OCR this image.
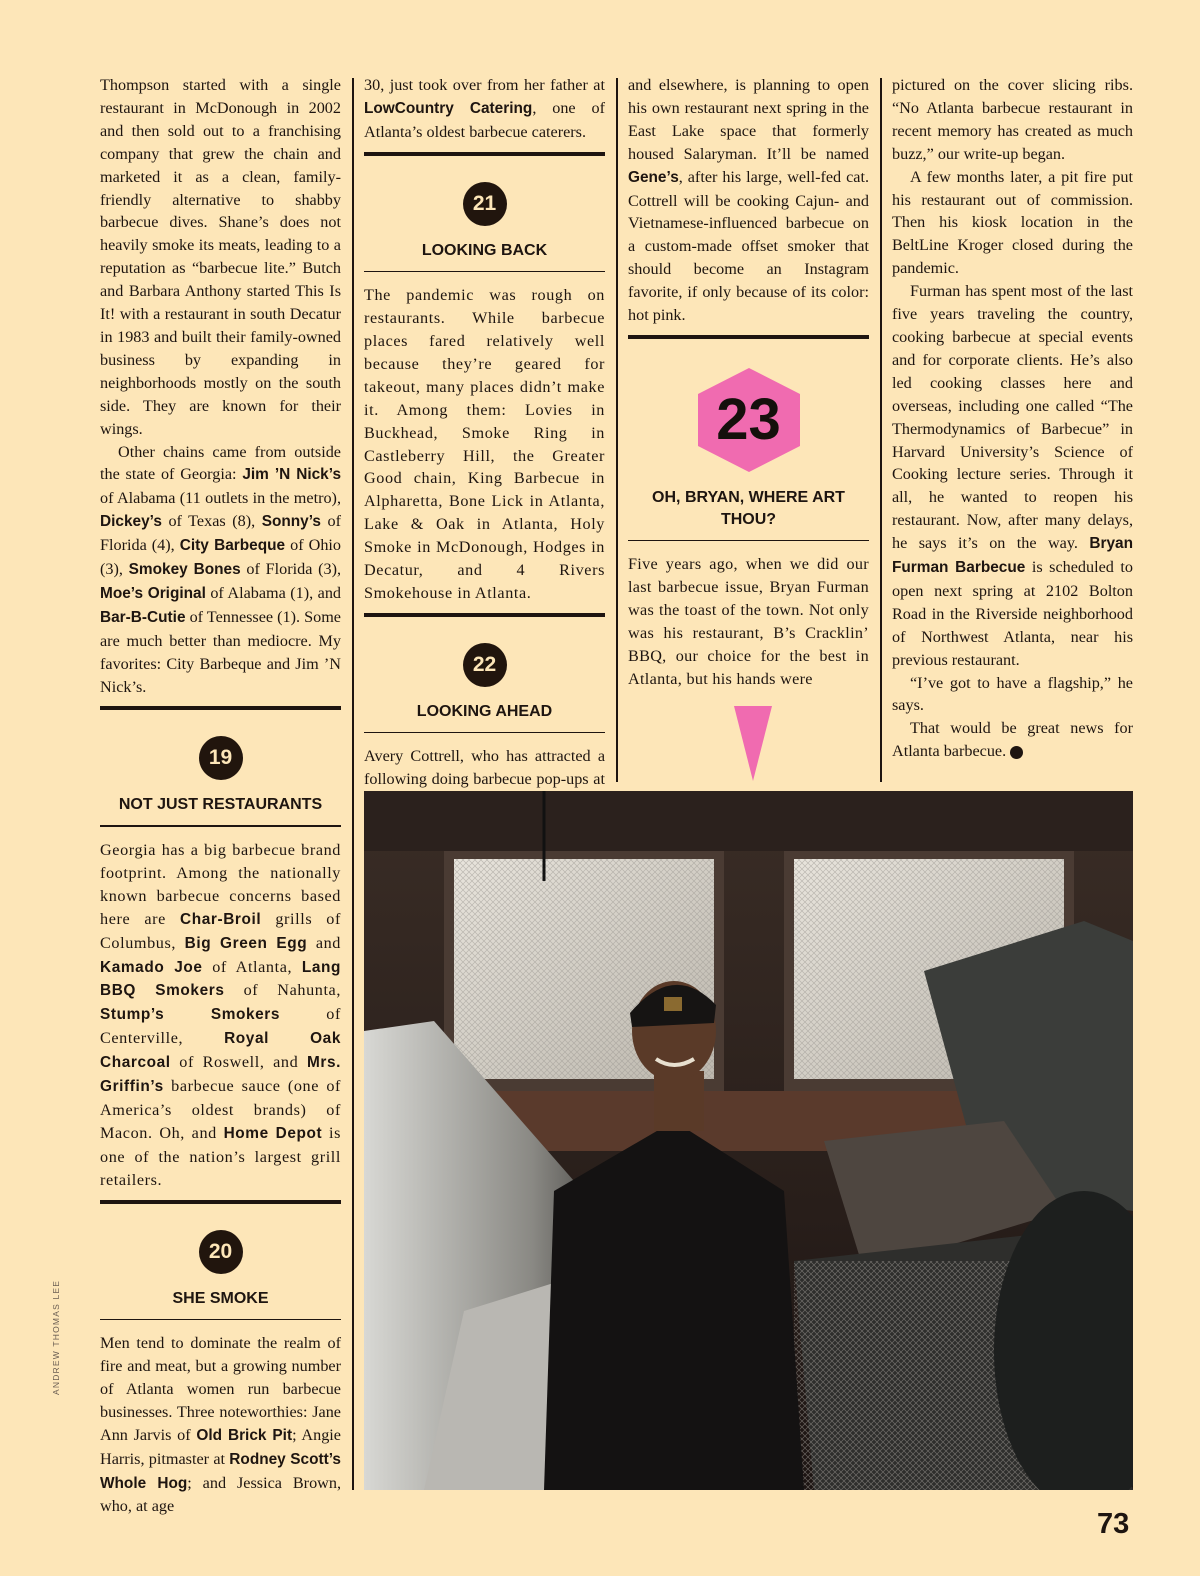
Thompson started with a single restaurant in McDonough in 2002 and then sold out to a franchising company that grew the chain and marketed it as a clean, family-friendly alternative to shabby barbecue dives. Shane’s does not heavily smoke its meats, leading to a reputation as “barbecue lite.” Butch and Barbara Anthony started This Is It! with a restaurant in south Decatur in 1983 and built their family-owned business by expanding in neighborhoods mostly on the south side. They are known for their wings.

Other chains came from outside the state of Georgia: Jim ’N Nick’s of Alabama (11 outlets in the metro), Dickey’s of Texas (8), Sonny’s of Florida (4), City Barbeque of Ohio (3), Smokey Bones of Florida (3), Moe’s Original of Alabama (1), and Bar-B-Cutie of Tennessee (1). Some are much better than mediocre. My favorites: City Barbeque and Jim ’N Nick’s.

19
NOT JUST RESTAURANTS

Georgia has a big barbecue brand footprint. Among the nationally known barbecue concerns based here are Char-Broil grills of Columbus, Big Green Egg and Kamado Joe of Atlanta, Lang BBQ Smokers of Nahunta, Stump’s Smokers of Centerville, Royal Oak Charcoal of Roswell, and Mrs. Griffin’s barbecue sauce (one of America’s oldest brands) of Macon. Oh, and Home Depot is one of the nation’s largest grill retailers.

20
SHE SMOKE

Men tend to dominate the realm of fire and meat, but a growing number of Atlanta women run barbecue businesses. Three noteworthies: Jane Ann Jarvis of Old Brick Pit; Angie Harris, pitmaster at Rodney Scott’s Whole Hog; and Jessica Brown, who, at age

30, just took over from her father at LowCountry Catering, one of Atlanta’s oldest barbecue caterers.

21
LOOKING BACK

The pandemic was rough on restaurants. While barbecue places fared relatively well because they’re geared for takeout, many places didn’t make it. Among them: Lovies in Buckhead, Smoke Ring in Castleberry Hill, the Greater Good chain, King Barbecue in Alpharetta, Bone Lick in Atlanta, Lake & Oak in Atlanta, Holy Smoke in McDonough, Hodges in Decatur, and 4 Rivers Smokehouse in Atlanta.

22
LOOKING AHEAD

Avery Cottrell, who has attracted a following doing barbecue pop-ups at

and elsewhere, is planning to open his own restaurant next spring in the East Lake space that formerly housed Salaryman. It’ll be named Gene’s, after his large, well-fed cat. Cottrell will be cooking Cajun- and Vietnamese-influenced barbecue on a custom-made offset smoker that should become an Instagram favorite, if only because of its color: hot pink.

23
OH, BRYAN, WHERE ART THOU?

Five years ago, when we did our last barbecue issue, Bryan Furman was the toast of the town. Not only was his restaurant, B’s Cracklin’ BBQ, our choice for the best in Atlanta, but his hands were

pictured on the cover slicing ribs. “No Atlanta barbecue restaurant in recent memory has created as much buzz,” our write-up began.

A few months later, a pit fire put his restaurant out of commission. Then his kiosk location in the BeltLine Kroger closed during the pandemic.

Furman has spent most of the last five years traveling the country, cooking barbecue at special events and for corporate clients. He’s also led cooking classes here and overseas, including one called “The Thermodynamics of Barbecue” in Harvard University’s Science of Cooking lecture series. Through it all, he wanted to reopen his restaurant. Now, after many delays, he says it’s on the way. Bryan Furman Barbecue is scheduled to open next spring at 2102 Bolton Road in the Riverside neighborhood of Northwest Atlanta, near his previous restaurant.

“I’ve got to have a flagship,” he says.

That would be great news for Atlanta barbecue. A

ANDREW THOMAS LEE
73
